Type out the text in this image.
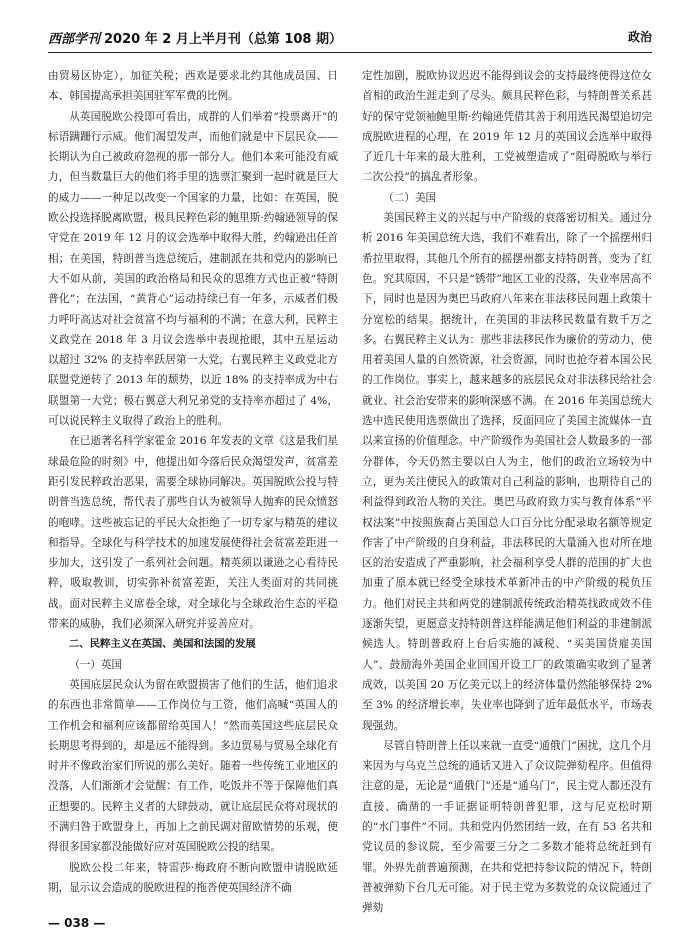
西部学刊 2020 年 2 月上半月刊（总第 108 期）	政治

由贸易区协定），加征关税；西欢是要求北约其他成员国、日本、韩国提高承担美国驻军军费的比例。

从英国脱欧公投即可看出，成群的人们举着“投票离开”的标语蹒跚行示威。他们渴望发声，而他们就是中下层民众——长期认为自己被政府忽视的那一部分人。他们本来可能没有威力，但当数量巨大的他们将手里的选票汇聚到一起时就是巨大的威力——一种足以改变一个国家的力量，比如：在英国，脱欧公投选择脱离欧盟，极具民粹色彩的鲍里斯·约翰逊领导的保守党在 2019 年 12 月的议会选举中取得大胜，约翰逊出任首相；在美国，特朗普当选总统后，建制派在共和党内的影响已大不如从前，美国的政治格局和民众的思维方式也正被“特朗普化”；在法国，“黄背心”运动持续已有一年多，示威者们极力呼吁高达对社会贫富不均与福利的不满；在意大利，民粹主义政党在 2018 年 3 月议会选举中表现抢眼，其中五星运动以超过 32% 的支持率跃居第一大党，右翼民粹主义政党北方联盟党逆转了 2013 年的颓势，以近 18% 的支持率成为中右联盟第一大党；极右翼意大利兄弟党的支持率亦超过了 4%，可以说民粹主义取得了政治上的胜利。

在已逝著名科学家霍金 2016 年发表的文章《这是我们星球最危险的时刻》中，他提出如今落后民众渴望发声，贫富差距引发民粹政治恶果，需要全球协同解决。英国脱欧公投与特朗普当选总统，帮代表了那些自认为被领导人抛弃的民众愤怒的咆哮。这些被忘记的平民大众拒绝了一切专家与精英的建议和指导。全球化与科学技术的加速发展使得社会贫富差距进一步加大，这引发了一系列社会问题。精英须以谦逊之心看待民粹，吸取教训，切实弥补贫富差距，关注人类面对的共同挑战。面对民粹主义席卷全球，对全球化与全球政治生态的平稳带来的威胁，我们必须深入研究并妥善应对。

二、民粹主义在英国、美国和法国的发展
（一）英国

英国底层民众认为留在欧盟损害了他们的生活，他们追求的东西也非常简单——工作岗位与工资，他们高喊“英国人的工作机会和福利应该都留给英国人！”然而英国这些底层民众长期思考得到的，却是远不能得到。多边贸易与贸易全球化有时并不像政治家们所说的那么美好。随着一些传统工业地区的没落，人们渐渐才会觉醒：有工作，吃饭并不等于保障他们真正想要的。民粹主义者的大肆鼓动，就让底层民众将对现状的不满归咎于欧盟身上，再加上之前民调对留欧情势的乐观，使得很多国家都没能做好应对英国脱欧公投的结果。

脱欧公投二年来，特雷莎·梅政府不断向欧盟申请脱欧延期，显示议会造成的脱欧进程的拖沓使英国经济不确

定性加剧，脱欧协议迟迟不能得到议会的支持最终使得这位女首相的政治生涯走到了尽头。颇具民粹色彩，与特朗普关系甚好的保守党领袖鲍里斯·约翰逊凭借其善于利用选民渴望追切完成脱欧进程的心理，在 2019 年 12 月的英国议会选举中取得了近几十年来的最大胜利，工党被塑造成了“阻碍脱欧与举行二次公投”的搞乱者形象。

（二）美国

美国民粹主义的兴起与中产阶级的衰落密切相关。通过分析 2016 年美国总统大选，我们不难看出，除了一个摇摆州归希拉里取得，其他几个所有的摇摆州都支持特朗普，变为了红色。究其原因，不只是“锈带”地区工业的没落，失业率居高不下，同时也是因为奥巴马政府八年来在非法移民问题上政策十分宽松的结果。据统计，在美国的非法移民数量有数千万之多。右翼民粹主义认为：那些非法移民作为廉价的劳动力，使用着美国人量的自然资源，社会资源，同时也抢夺着本国公民的工作岗位。事实上，越来越多的底层民众对非法移民给社会就业、社会治安带来的影响深感不满。在 2016 年美国总统大选中选民使用选票做出了选择，反面回应了美国主流媒体一直以来宣扬的价值理念。中产阶级作为美国社会人数最多的一部分群体，今天仍然主要以白人为主，他们的政治立场较为中立，更为关注使民入的政策对自己利益的影响，也期待自己的利益得到政治人物的关注。奥巴马政府致力实与教育体系“平权法案”中按照族裔占美国总人口百分比分配录取名额等规定作害了中产阶级的自身利益，非法移民的大量涌入也对所在地区的治安造成了严重影响，社会福利享受人群的范围的扩大也加重了原本就已经受全球技术革新冲击的中产阶级的税负压力。他们对民主共和两党的建制派传统政治精英找政成效不佳逐渐失望，更愿意支持特朗普这样能满足他们利益的非建制派候选人。特朗普政府上台后实施的减税、“买美国货雇美国人”、鼓励海外美国企业回国开设工厂的政策确实收到了显著成效，以美国 20 万亿美元以上的经济体量仍然能够保持 2% 至 3% 的经济增长率，失业率也降到了近年最低水平，市场表现强劲。

尽管自特朗普上任以来就一直受“通俄门”困扰，这几个月来因为与乌克兰总统的通话又进入了众议院弹劾程序。但值得注意的是，无论是“通俄门”还是“通乌门”，民主党人都还没有直接、确凿的一手证据证明特朗普犯罪，这与尼克松时期的“水门事件”不同。共和党内仍然团结一致，在有 53 名共和党议员的参议院，至少需要三分之二多数才能将总统赶到有罪。外界先前普遍预测，在共和党把持参议院的情况下，特朗普被弹劾下台几无可能。对于民主党为多数党的众议院通过了弹劾

— 038 —
